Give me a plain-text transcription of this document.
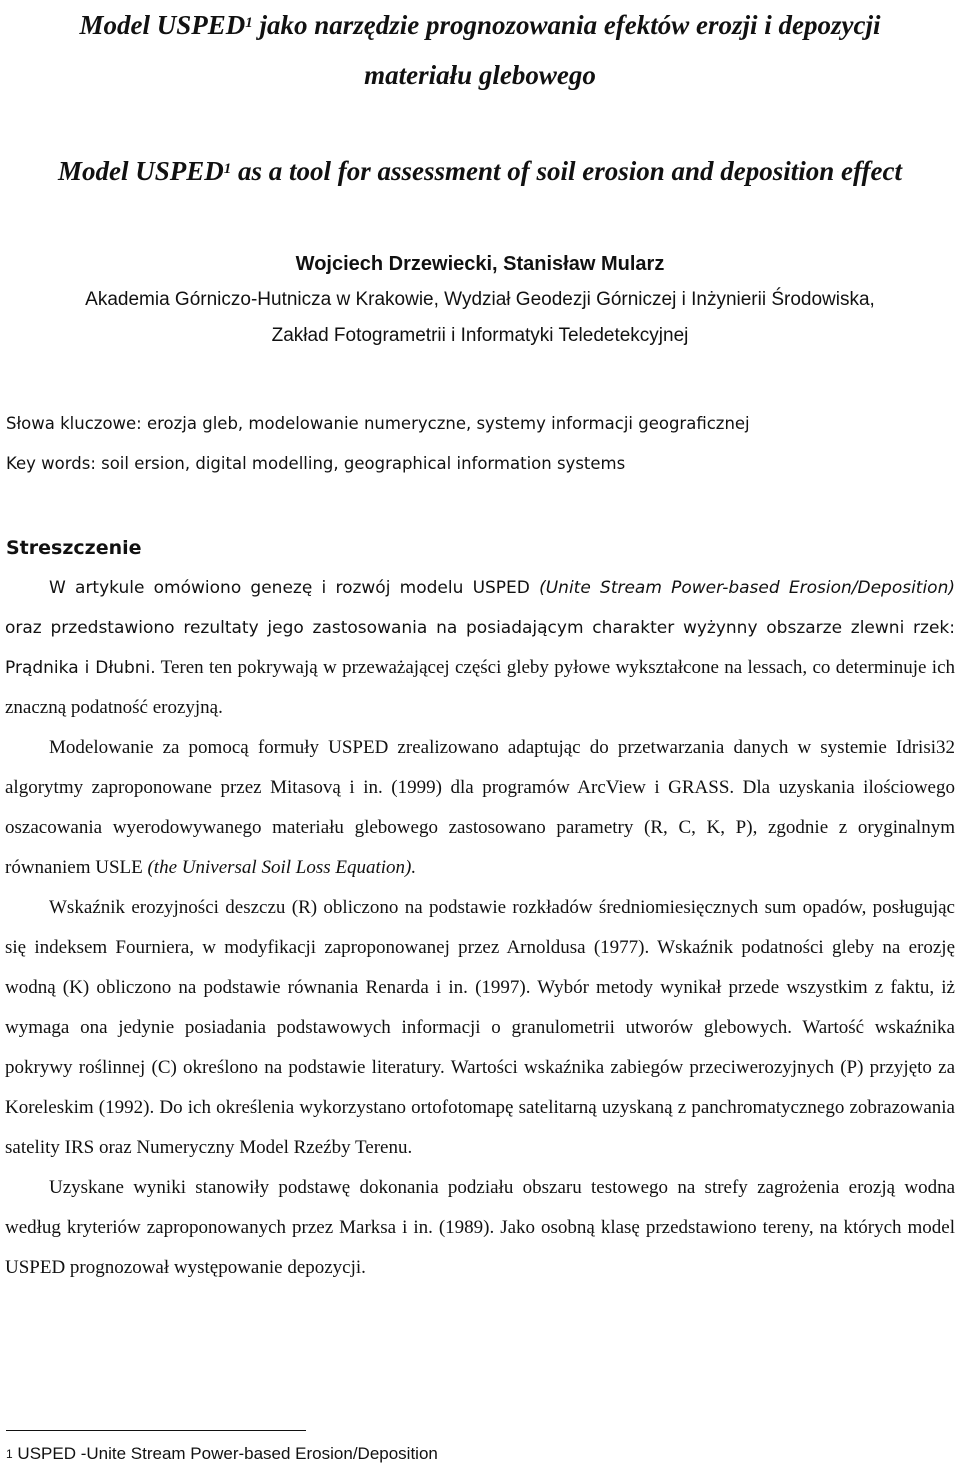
Model USPED$^1$ jako narzędzie prognozowania efektów erozji i depozycji
materiału glebowego
Model USPED$^1$ as a tool for assessment of soil erosion and deposition effect
Wojciech Drzewiecki, Stanisław Mularz
Akademia Górniczo-Hutnicza w Krakowie, Wydział Geodezji Górniczej i Inżynierii Środowiska,
Zakład Fotogrametrii i Informatyki Teledetekcyjnej
Słowa kluczowe: erozja gleb, modelowanie numeryczne, systemy informacji geograficznej
Key words: soil ersion, digital modelling, geographical information systems
Streszczenie

W artykule omówiono genezę i rozwój modelu USPED (Unite Stream Power-based Erosion/Deposition) oraz przedstawiono rezultaty jego zastosowania na posiadającym charakter wyżynny obszarze zlewni rzek: Prądnika i Dłubni. Teren ten pokrywają w przeważającej części gleby pyłowe wykształcone na lessach, co determinuje ich znaczną podatność erozyjną.

Modelowanie za pomocą formuły USPED zrealizowano adaptując do przetwarzania danych w systemie Idrisi32 algorytmy zaproponowane przez Mitasovą i in. (1999) dla programów ArcView i GRASS. Dla uzyskania ilościowego oszacowania wyerodowywanego materiału glebowego zastosowano parametry (R, C, K, P), zgodnie z oryginalnym równaniem USLE (the Universal Soil Loss Equation).

Wskaźnik erozyjności deszczu (R) obliczono na podstawie rozkładów średniomiesięcznych sum opadów, posługując się indeksem Fourniera, w modyfikacji zaproponowanej przez Arnoldusa (1977). Wskaźnik podatności gleby na erozję wodną (K) obliczono na podstawie równania Renarda i in. (1997). Wybór metody wynikał przede wszystkim z faktu, iż wymaga ona jedynie posiadania podstawowych informacji o granulometrii utworów glebowych. Wartość wskaźnika pokrywy roślinnej (C) określono na podstawie literatury. Wartości wskaźnika zabiegów przeciwerozyjnych (P) przyjęto za Koreleskim (1992). Do ich określenia wykorzystano ortofotomapę satelitarną uzyskaną z panchromatycznego zobrazowania satelity IRS oraz Numeryczny Model Rzeźby Terenu.

Uzyskane wyniki stanowiły podstawę dokonania podziału obszaru testowego na strefy zagrożenia erozją wodna według kryteriów zaproponowanych przez Marksa i in. (1989). Jako osobną klasę przedstawiono tereny, na których model USPED prognozował występowanie depozycji.

$^1$ USPED -Unite Stream Power-based Erosion/Deposition
